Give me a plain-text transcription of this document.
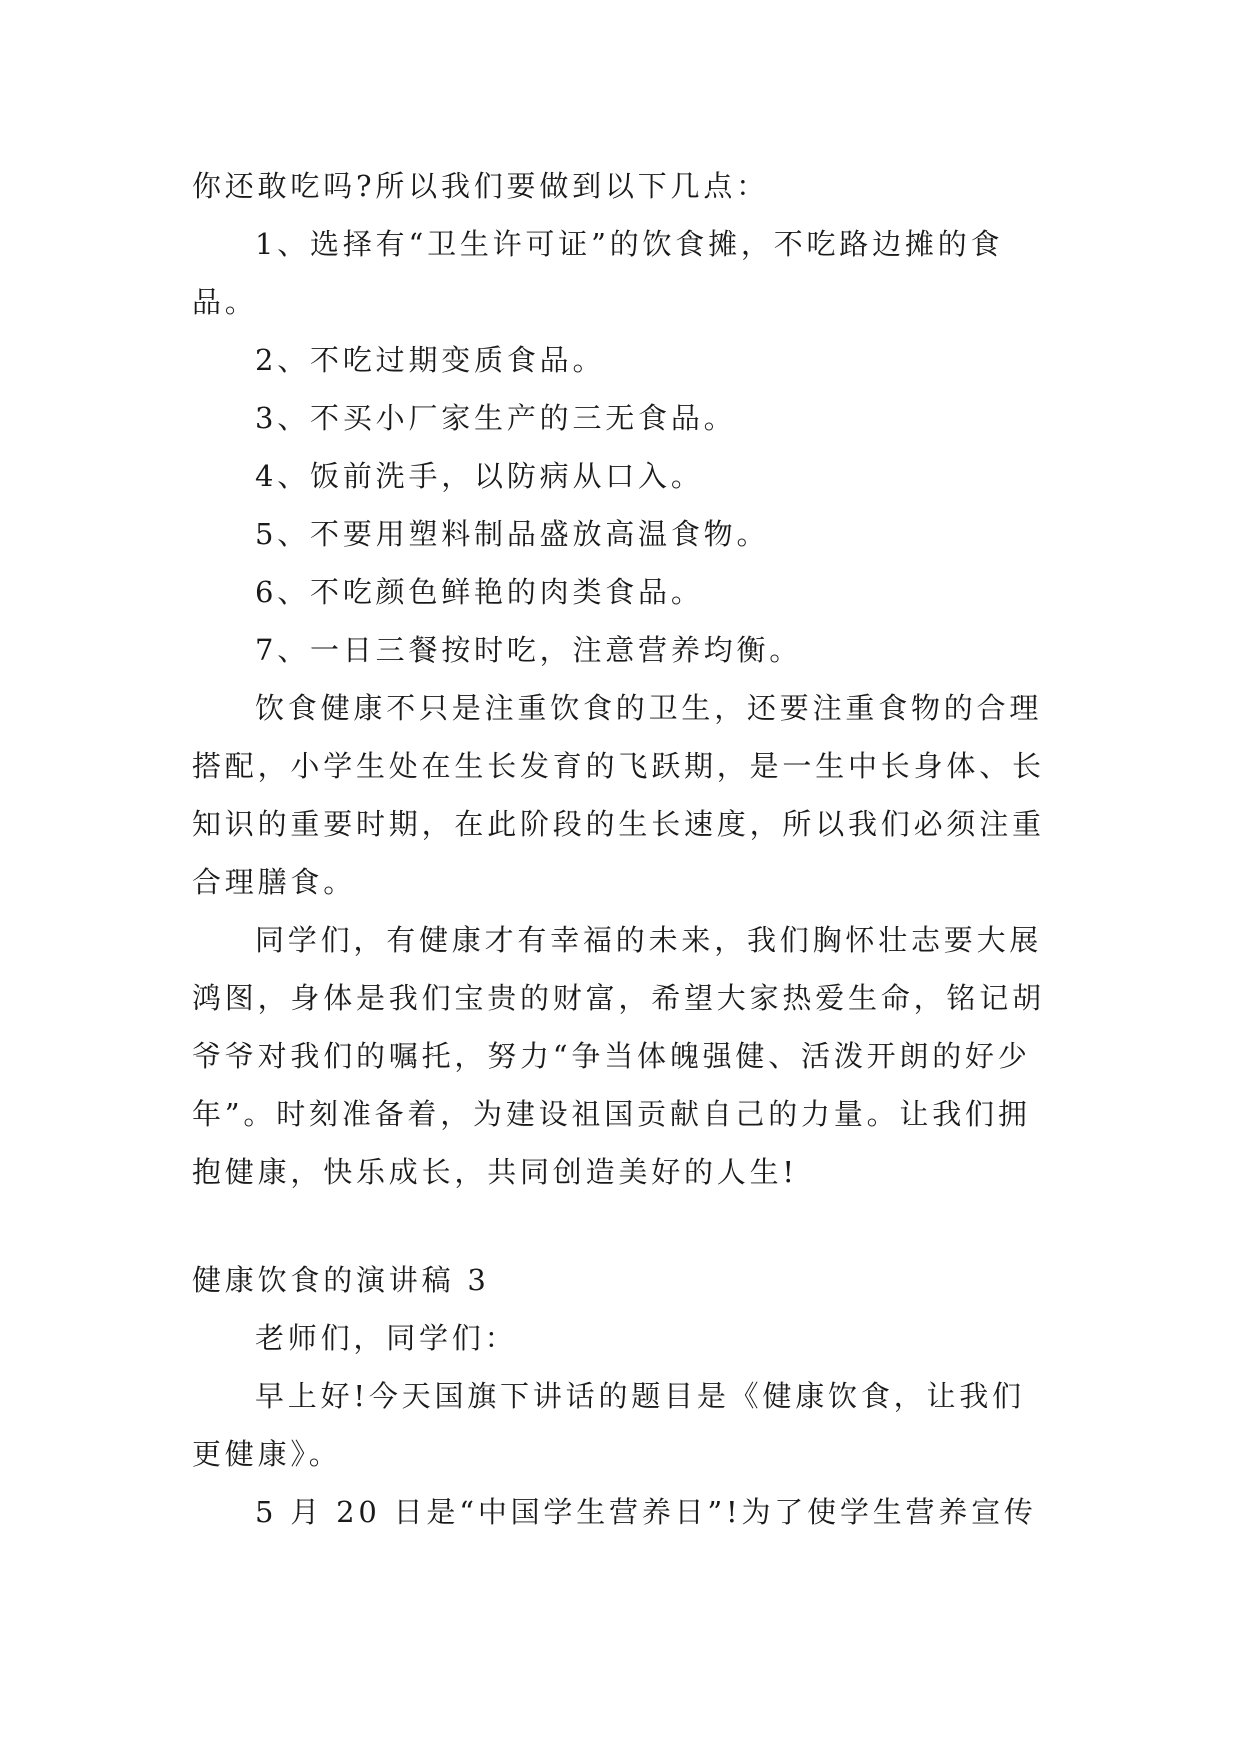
你还敢吃吗?所以我们要做到以下几点：

1、选择有“卫生许可证”的饮食摊，不吃路边摊的食品。

2、不吃过期变质食品。

3、不买小厂家生产的三无食品。

4、饭前洗手，以防病从口入。

5、不要用塑料制品盛放高温食物。

6、不吃颜色鲜艳的肉类食品。

7、一日三餐按时吃，注意营养均衡。

饮食健康不只是注重饮食的卫生，还要注重食物的合理搭配，小学生处在生长发育的飞跃期，是一生中长身体、长知识的重要时期，在此阶段的生长速度，所以我们必须注重合理膳食。

同学们，有健康才有幸福的未来，我们胸怀壮志要大展鸿图，身体是我们宝贵的财富，希望大家热爱生命，铭记胡爷爷对我们的嘱托，努力“争当体魄强健、活泼开朗的好少年”。时刻准备着，为建设祖国贡献自己的力量。让我们拥抱健康，快乐成长，共同创造美好的人生!

健康饮食的演讲稿 3

老师们，同学们：

早上好!今天国旗下讲话的题目是《健康饮食，让我们更健康》。

5 月 20 日是“中国学生营养日”!为了使学生营养宣传
